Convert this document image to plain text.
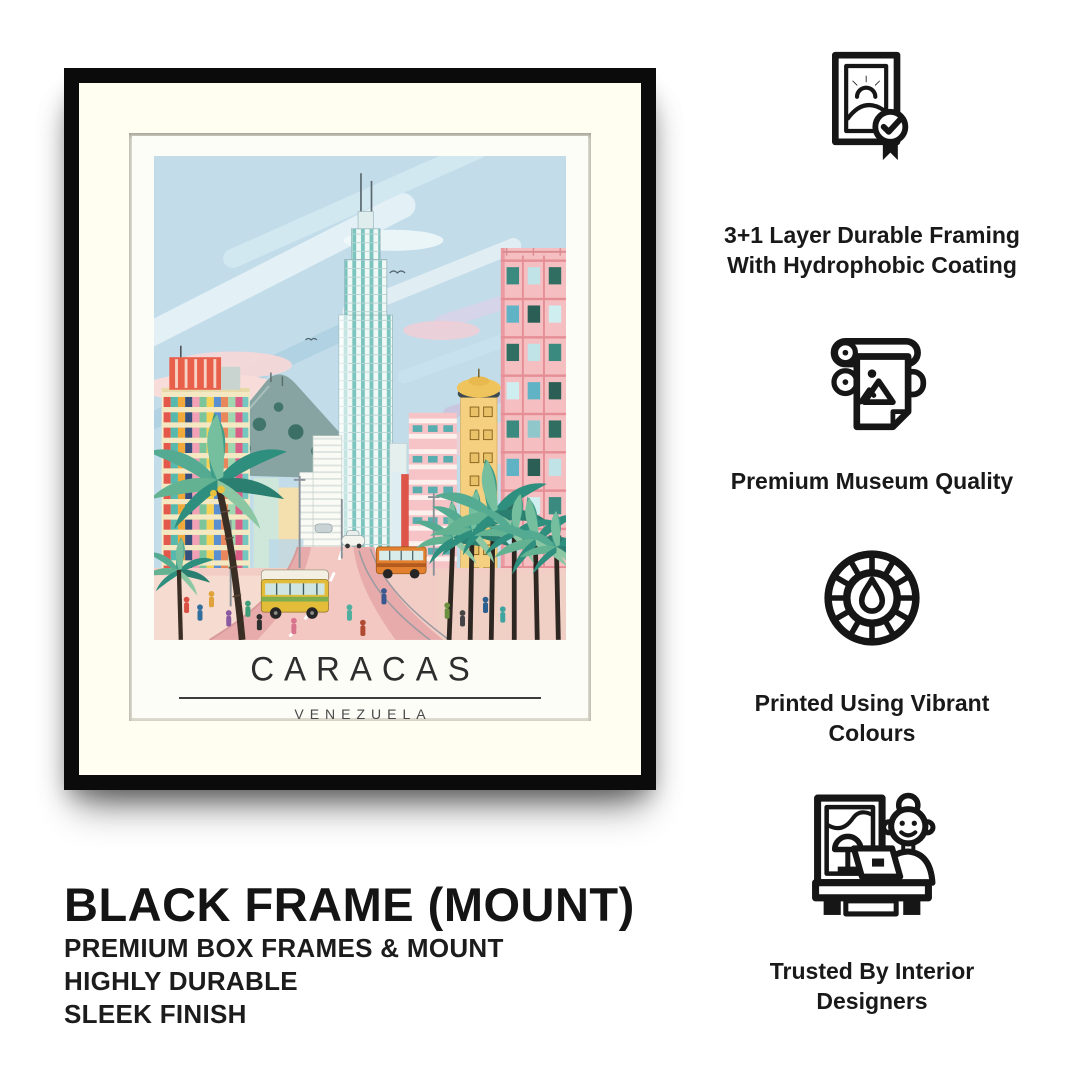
CARACAS
VENEZUELA
3+1 Layer Durable Framing
With Hydrophobic Coating
Premium Museum Quality
Printed Using Vibrant
Colours
Trusted By Interior
Designers
BLACK FRAME (MOUNT)
PREMIUM BOX FRAMES & MOUNT
HIGHLY DURABLE
SLEEK FINISH
